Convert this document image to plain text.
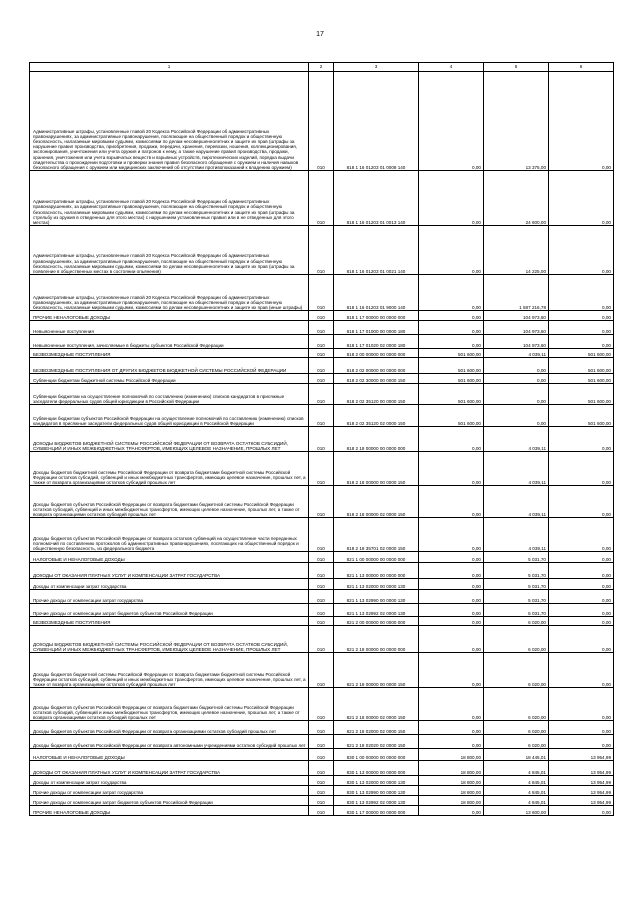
17
1	2	3	4	5	6
Административные штрафы, установленные главой 20 Кодекса Российской Федерации об административных правонарушениях, за административные правонарушения, посягающие на общественный порядок и общественную безопасность, налагаемые мировыми судьями, комиссиями по делам несовершеннолетних и защите их прав (штрафы за нарушение правил производства, приобретения, продажи, передачи, хранения, перевозки, ношения, коллекционирования, экспонирования, уничтожения или учета оружия и патронов к нему, а также нарушение правил производства, продажи, хранения, уничтожения или учета взрывчатых веществ и взрывных устройств, пиротехнических изделий, порядка выдачи свидетельства о прохождении подготовки и проверки знания правил безопасного обращения с оружием и наличия навыков безопасного обращения с оружием или медицинских заключений об отсутствии противопоказаний к владению оружием)	010	818 1 16 01203 01 0008 140	0,00	13 375,00	0,00
Административные штрафы, установленные главой 20 Кодекса Российской Федерации об административных правонарушениях, за административные правонарушения, посягающие на общественный порядок и общественную безопасность, налагаемые мировыми судьями, комиссиями по делам несовершеннолетних и защите их прав (штрафы за стрельбу из оружия в отведенных для этого местах) с нарушением установленных правил или в не отведенных для этого местах)	010	818 1 16 01203 01 0013 140	0,00	24 600,00	0,00
Административные штрафы, установленные главой 20 Кодекса Российской Федерации об административных правонарушениях, за административные правонарушения, посягающие на общественный порядок и общественную безопасность, налагаемые мировыми судьями, комиссиями по делам несовершеннолетних и защите их прав (штрафы за появление в общественных местах в состоянии опьянения)	010	818 1 16 01203 01 0021 140	0,00	14 225,00	0,00
Административные штрафы, установленные главой 20 Кодекса Российской Федерации об административных правонарушениях, за административные правонарушения, посягающие на общественный порядок и общественную безопасность, налагаемые мировыми судьями, комиссиями по делам несовершеннолетних и защите их прав (иные штрафы)	010	818 1 16 01203 01 9000 140	0,00	1 587 216,78	0,00
ПРОЧИЕ НЕНАЛОГОВЫЕ ДОХОДЫ	010	818 1 17 00000 00 0000 000	0,00	104 973,60	0,00
Невыясненные поступления	010	818 1 17 01000 00 0000 180	0,00	104 973,60	0,00
Невыясненные поступления, зачисляемые в бюджеты субъектов Российской Федерации	010	818 1 17 01020 02 0000 180	0,00	104 973,60	0,00
БЕЗВОЗМЕЗДНЫЕ ПОСТУПЛЕНИЯ	010	818 2 00 00000 00 0000 000	501 600,00	4 039,11	501 600,00
БЕЗВОЗМЕЗДНЫЕ ПОСТУПЛЕНИЯ ОТ ДРУГИХ БЮДЖЕТОВ БЮДЖЕТНОЙ СИСТЕМЫ РОССИЙСКОЙ ФЕДЕРАЦИИ	010	818 2 02 00000 00 0000 000	501 600,00	0,00	501 600,00
Субвенции бюджетам бюджетной системы Российской Федерации	010	818 2 02 30000 00 0000 150	501 600,00	0,00	501 600,00
Субвенции бюджетам на осуществление полномочий по составлению (изменению) списков кандидатов в присяжные заседатели федеральных судов общей юрисдикции в Российской Федерации	010	818 2 02 35120 00 0000 150	501 600,00	0,00	501 600,00
Субвенции бюджетам субъектов Российской Федерации на осуществление полномочий по составлению (изменению) списков кандидатов в присяжные заседатели федеральных судов общей юрисдикции в Российской Федерации	010	818 2 02 35120 02 0000 150	501 600,00	0,00	501 600,00
ДОХОДЫ БЮДЖЕТОВ БЮДЖЕТНОЙ СИСТЕМЫ РОССИЙСКОЙ ФЕДЕРАЦИИ ОТ ВОЗВРАТА ОСТАТКОВ СУБСИДИЙ, СУБВЕНЦИЙ И ИНЫХ МЕЖБЮДЖЕТНЫХ ТРАНСФЕРТОВ, ИМЕЮЩИХ ЦЕЛЕВОЕ НАЗНАЧЕНИЕ, ПРОШЛЫХ ЛЕТ	010	818 2 18 00000 00 0000 000	0,00	4 039,11	0,00
Доходы бюджетов бюджетной системы Российской Федерации от возврата бюджетами бюджетной системы Российской Федерации остатков субсидий, субвенций и иных межбюджетных трансфертов, имеющих целевое назначение, прошлых лет, а также от возврата организациями остатков субсидий прошлых лет	010	818 2 18 00000 00 0000 150	0,00	4 039,11	0,00
Доходы бюджетов субъектов Российской Федерации от возврата бюджетами бюджетной системы Российской Федерации остатков субсидий, субвенций и иных межбюджетных трансфертов, имеющих целевое назначение, прошлых лет, а также от возврата организациями остатков субсидий прошлых лет	010	818 2 18 00000 02 0000 150	0,00	4 039,11	0,00
Доходы бюджетов субъектов Российской Федерации от возврата остатков субвенций на осуществление части переданных полномочий по составлению протоколов об административных правонарушениях, посягающих на общественный порядок и общественную безопасность, из федерального бюджета	010	818 2 18 35701 02 0000 150	0,00	4 039,11	0,00
НАЛОГОВЫЕ И НЕНАЛОГОВЫЕ ДОХОДЫ	010	821 1 00 00000 00 0000 000	0,00	5 031,70	0,00
ДОХОДЫ ОТ ОКАЗАНИЯ ПЛАТНЫХ УСЛУГ И КОМПЕНСАЦИИ ЗАТРАТ ГОСУДАРСТВА	010	821 1 13 00000 00 0000 000	0,00	5 031,70	0,00
Доходы от компенсации затрат государства	010	821 1 13 02000 00 0000 130	0,00	5 031,70	0,00
Прочие доходы от компенсации затрат государства	010	821 1 13 02990 00 0000 130	0,00	5 031,70	0,00
Прочие доходы от компенсации затрат бюджетов субъектов Российской Федерации	010	821 1 13 02992 02 0000 130	0,00	5 031,70	0,00
БЕЗВОЗМЕЗДНЫЕ ПОСТУПЛЕНИЯ	010	821 2 00 00000 00 0000 000	0,00	6 020,00	0,00
ДОХОДЫ БЮДЖЕТОВ БЮДЖЕТНОЙ СИСТЕМЫ РОССИЙСКОЙ ФЕДЕРАЦИИ ОТ ВОЗВРАТА ОСТАТКОВ СУБСИДИЙ, СУБВЕНЦИЙ И ИНЫХ МЕЖБЮДЖЕТНЫХ ТРАНСФЕРТОВ, ИМЕЮЩИХ ЦЕЛЕВОЕ НАЗНАЧЕНИЕ, ПРОШЛЫХ ЛЕТ	010	821 2 18 00000 00 0000 000	0,00	6 020,00	0,00
Доходы бюджетов бюджетной системы Российской Федерации от возврата бюджетами бюджетной системы Российской Федерации остатков субсидий, субвенций и иных межбюджетных трансфертов, имеющих целевое назначение, прошлых лет, а также от возврата организациями остатков субсидий прошлых лет	010	821 2 18 00000 00 0000 150	0,00	6 020,00	0,00
Доходы бюджетов субъектов Российской Федерации от возврата бюджетами бюджетной системы Российской Федерации остатков субсидий, субвенций и иных межбюджетных трансфертов, имеющих целевое назначение, прошлых лет, а также от возврата организациями остатков субсидий прошлых лет	010	821 2 18 00000 02 0000 150	0,00	6 020,00	0,00
Доходы бюджетов субъектов Российской Федерации от возврата организациями остатков субсидий прошлых лет	010	821 2 18 02000 02 0000 150	0,00	6 020,00	0,00
Доходы бюджетов субъектов Российской Федерации от возврата автономными учреждениями остатков субсидий прошлых лет	010	821 2 18 02020 02 0000 150	0,00	6 020,00	0,00
НАЛОГОВЫЕ И НЕНАЛОГОВЫЕ ДОХОДЫ	010	830 1 00 00000 00 0000 000	18 800,00	18 445,01	13 954,99
ДОХОДЫ ОТ ОКАЗАНИЯ ПЛАТНЫХ УСЛУГ И КОМПЕНСАЦИИ ЗАТРАТ ГОСУДАРСТВА	010	830 1 13 00000 00 0000 000	18 800,00	4 845,01	13 954,99
Доходы от компенсации затрат государства	010	830 1 13 02000 00 0000 130	18 800,00	4 845,01	13 954,99
Прочие доходы от компенсации затрат государства	010	830 1 13 02990 00 0000 130	18 800,00	4 845,01	13 954,99
Прочие доходы от компенсации затрат бюджетов субъектов Российской Федерации	010	830 1 13 02992 02 0000 130	18 800,00	4 845,01	13 954,99
ПРОЧИЕ НЕНАЛОГОВЫЕ ДОХОДЫ	010	830 1 17 00000 00 0000 000	0,00	13 600,00	0,00
